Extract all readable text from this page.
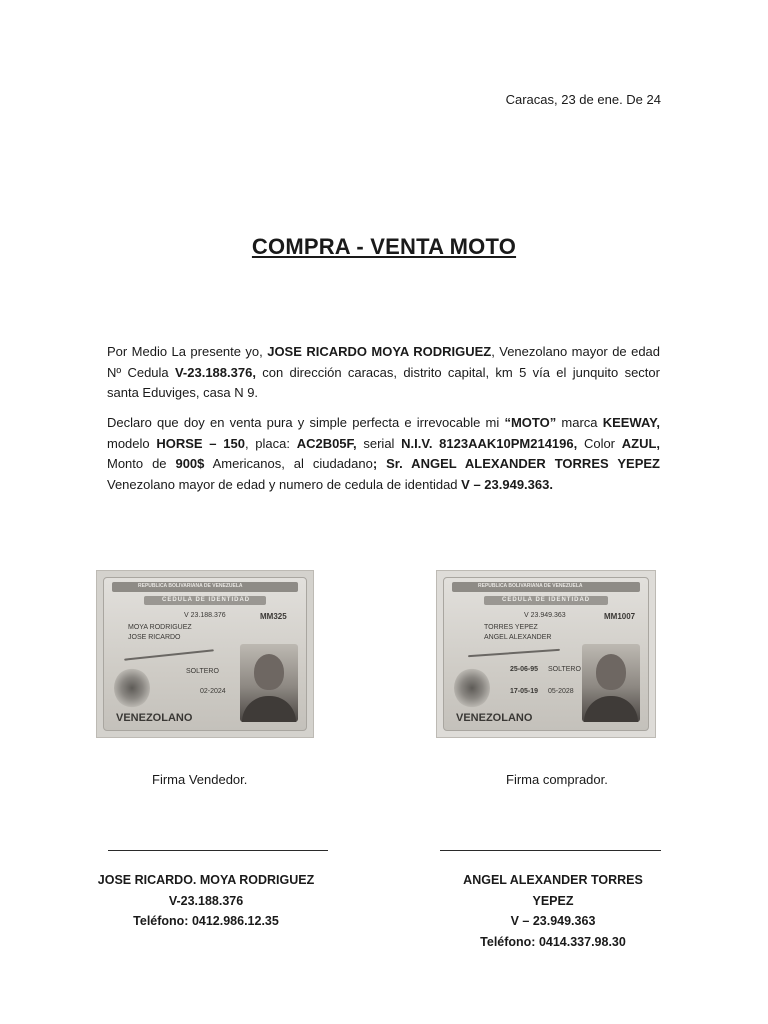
Caracas, 23 de ene. De 24
COMPRA - VENTA MOTO
Por Medio La presente yo, JOSE RICARDO MOYA RODRIGUEZ, Venezolano mayor de edad Nº Cedula V-23.188.376, con dirección caracas, distrito capital, km 5 vía el junquito sector santa Eduviges, casa N 9.
Declaro que doy en venta pura y simple perfecta e irrevocable mi “MOTO” marca KEEWAY, modelo HORSE – 150, placa: AC2B05F, serial N.I.V. 8123AAK10PM214196, Color AZUL, Monto de 900$ Americanos, al ciudadano; Sr. ANGEL ALEXANDER TORRES YEPEZ Venezolano mayor de edad y numero de cedula de identidad V – 23.949.363.
REPUBLICA BOLIVARIANA DE VENEZUELA
CEDULA DE IDENTIDAD
V 23.188.376	MM325
MOYA RODRIGUEZ
JOSE RICARDO
SOLTERO
02-2024
VENEZOLANO
REPUBLICA BOLIVARIANA DE VENEZUELA
CEDULA DE IDENTIDAD
V 23.949.363	MM1007
TORRES YEPEZ
ANGEL ALEXANDER
25-06-95 SOLTERO
17-05-19 05-2028
VENEZOLANO
Firma Vendedor.	Firma comprador.
JOSE RICARDO. MOYA RODRIGUEZ
V-23.188.376
Teléfono: 0412.986.12.35
ANGEL ALEXANDER TORRES YEPEZ
V – 23.949.363
Teléfono: 0414.337.98.30
